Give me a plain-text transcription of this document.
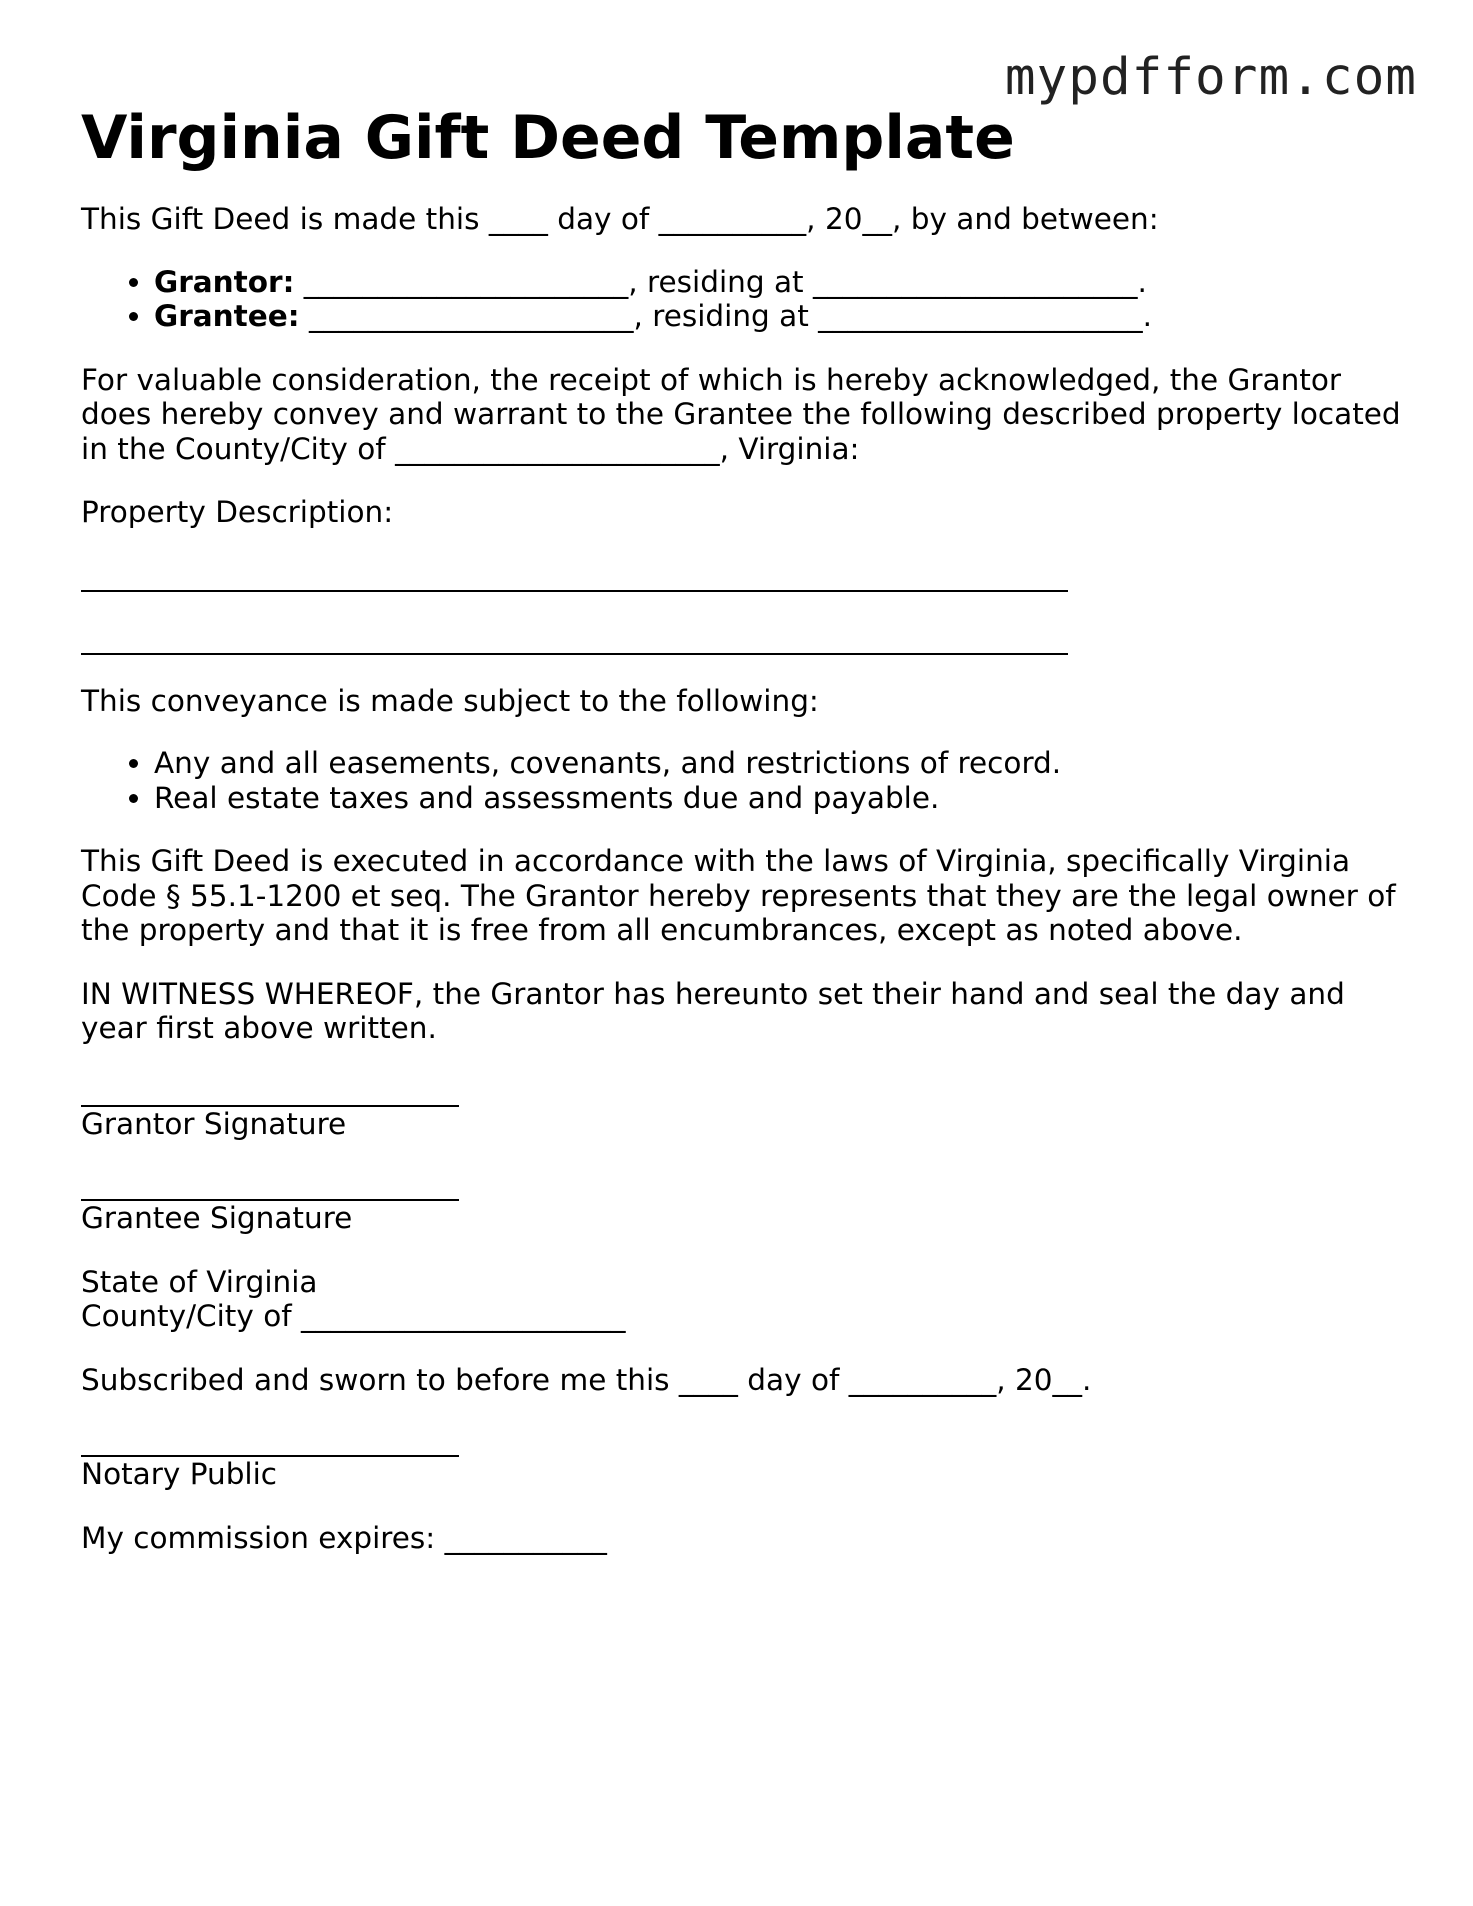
mypdfform.com
Virginia Gift Deed Template

This Gift Deed is made this ____ day of __________, 20__, by and between:

• Grantor: ______________________, residing at ______________________.
• Grantee: ______________________, residing at ______________________.

For valuable consideration, the receipt of which is hereby acknowledged, the Grantor does hereby convey and warrant to the Grantee the following described property located in the County/City of ______________________, Virginia:

Property Description:

This conveyance is made subject to the following:

• Any and all easements, covenants, and restrictions of record.
• Real estate taxes and assessments due and payable.

This Gift Deed is executed in accordance with the laws of Virginia, specifically Virginia Code § 55.1-1200 et seq. The Grantor hereby represents that they are the legal owner of the property and that it is free from all encumbrances, except as noted above.

IN WITNESS WHEREOF, the Grantor has hereunto set their hand and seal the day and year first above written.

Grantor Signature

Grantee Signature

State of Virginia

County/City of ______________________

Subscribed and sworn to before me this ____ day of __________, 20__.

Notary Public

My commission expires: ___________
